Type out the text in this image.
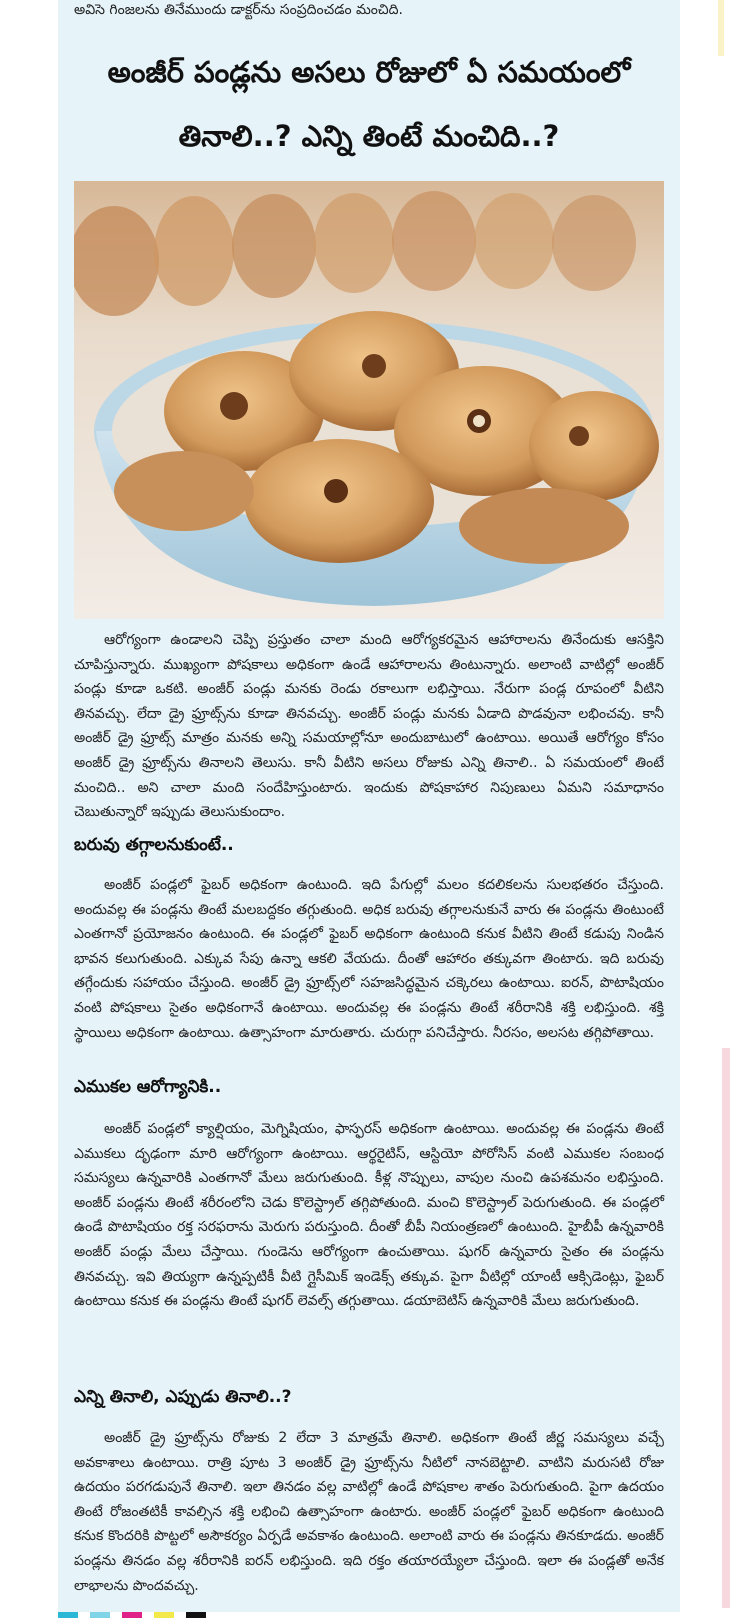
అవిసె గింజలను తినేముందు డాక్టర్‌ను సంప్రదించడం మంచిది.
అంజీర్ పండ్లను అసలు రోజులో ఏ సమయంలో తినాలి..? ఎన్ని తింటే మంచిది..?

ఆరోగ్యంగా ఉండాలని చెప్పి ప్రస్తుతం చాలా మంది ఆరోగ్యకరమైన ఆహారాలను తినేందుకు ఆసక్తిని చూపిస్తున్నారు. ముఖ్యంగా పోషకాలు అధికంగా ఉండే ఆహారాలను తింటున్నారు. అలాంటి వాటిల్లో అంజీర్ పండ్లు కూడా ఒకటి. అంజీర్ పండ్లు మనకు రెండు రకాలుగా లభిస్తాయి. నేరుగా పండ్ల రూపంలో వీటిని తినవచ్చు. లేదా డ్రై ఫ్రూట్స్‌ను కూడా తినవచ్చు. అంజీర్ పండ్లు మనకు ఏడాది పొడవునా లభించవు. కానీ అంజీర్ డ్రై ఫ్రూట్స్ మాత్రం మనకు అన్ని సమయాల్లోనూ అందుబాటులో ఉంటాయి. అయితే ఆరోగ్యం కోసం అంజీర్ డ్రై ఫ్రూట్స్‌ను తినాలని తెలుసు. కానీ వీటిని అసలు రోజుకు ఎన్ని తినాలి.. ఏ సమయంలో తింటే మంచిది.. అని చాలా మంది సందేహిస్తుంటారు. ఇందుకు పోషకాహార నిపుణులు ఏమని సమాధానం చెబుతున్నారో ఇప్పుడు తెలుసుకుందాం.

బరువు తగ్గాలనుకుంటే..

అంజీర్ పండ్లలో ఫైబర్ అధికంగా ఉంటుంది. ఇది పేగుల్లో మలం కదలికలను సులభతరం చేస్తుంది. అందువల్ల ఈ పండ్లను తింటే మలబద్దకం తగ్గుతుంది. అధిక బరువు తగ్గాలనుకునే వారు ఈ పండ్లను తింటుంటే ఎంతగానో ప్రయోజనం ఉంటుంది. ఈ పండ్లలో ఫైబర్ అధికంగా ఉంటుంది కనుక వీటిని తింటే కడుపు నిండిన భావన కలుగుతుంది. ఎక్కువ సేపు ఉన్నా ఆకలి వేయదు. దీంతో ఆహారం తక్కువగా తింటారు. ఇది బరువు తగ్గేందుకు సహాయం చేస్తుంది. అంజీర్ డ్రై ఫ్రూట్స్‌లో సహజసిద్ధమైన చక్కెరలు ఉంటాయి. ఐరన్, పొటాషియం వంటి పోషకాలు సైతం అధికంగానే ఉంటాయి. అందువల్ల ఈ పండ్లను తింటే శరీరానికి శక్తి లభిస్తుంది. శక్తి స్థాయిలు అధికంగా ఉంటాయి. ఉత్సాహంగా మారుతారు. చురుగ్గా పనిచేస్తారు. నీరసం, అలసట తగ్గిపోతాయి.

ఎముకల ఆరోగ్యానికి..

అంజీర్ పండ్లలో క్యాల్షియం, మెగ్నిషియం, ఫాస్ఫరస్ అధికంగా ఉంటాయి. అందువల్ల ఈ పండ్లను తింటే ఎముకలు దృఢంగా మారి ఆరోగ్యంగా ఉంటాయి. ఆర్థరైటిస్, ఆస్టియో పోరోసిస్ వంటి ఎముకల సంబంధ సమస్యలు ఉన్నవారికి ఎంతగానో మేలు జరుగుతుంది. కీళ్ల నొప్పులు, వాపుల నుంచి ఉపశమనం లభిస్తుంది. అంజీర్ పండ్లను తింటే శరీరంలోని చెడు కొలెస్ట్రాల్ తగ్గిపోతుంది. మంచి కొలెస్ట్రాల్ పెరుగుతుంది. ఈ పండ్లలో ఉండే పొటాషియం రక్త సరఫరాను మెరుగు పరుస్తుంది. దీంతో బీపీ నియంత్రణలో ఉంటుంది. హైబీపీ ఉన్నవారికి అంజీర్ పండ్లు మేలు చేస్తాయి. గుండెను ఆరోగ్యంగా ఉంచుతాయి. షుగర్ ఉన్నవారు సైతం ఈ పండ్లను తినవచ్చు. ఇవి తియ్యగా ఉన్నప్పటికీ వీటి గ్లైసీమిక్ ఇండెక్స్ తక్కువ. పైగా వీటిల్లో యాంటీ ఆక్సిడెంట్లు, ఫైబర్ ఉంటాయి కనుక ఈ పండ్లను తింటే షుగర్ లెవల్స్ తగ్గుతాయి. డయాబెటిస్ ఉన్నవారికి మేలు జరుగుతుంది.

ఎన్ని తినాలి, ఎప్పుడు తినాలి..?

అంజీర్ డ్రై ఫ్రూట్స్‌ను రోజుకు 2 లేదా 3 మాత్రమే తినాలి. అధికంగా తింటే జీర్ణ సమస్యలు వచ్చే అవకాశాలు ఉంటాయి. రాత్రి పూట 3 అంజీర్ డ్రై ఫ్రూట్స్‌ను నీటిలో నానబెట్టాలి. వాటిని మరుసటి రోజు ఉదయం పరగడుపునే తినాలి. ఇలా తినడం వల్ల వాటిల్లో ఉండే పోషకాల శాతం పెరుగుతుంది. పైగా ఉదయం తింటే రోజంతటికీ కావల్సిన శక్తి లభించి ఉత్సాహంగా ఉంటారు. అంజీర్ పండ్లలో ఫైబర్ అధికంగా ఉంటుంది కనుక కొందరికి పొట్టలో అసౌకర్యం ఏర్పడే అవకాశం ఉంటుంది. అలాంటి వారు ఈ పండ్లను తినకూడదు. అంజీర్ పండ్లను తినడం వల్ల శరీరానికి ఐరన్ లభిస్తుంది. ఇది రక్తం తయారయ్యేలా చేస్తుంది. ఇలా ఈ పండ్లతో అనేక లాభాలను పొందవచ్చు.
